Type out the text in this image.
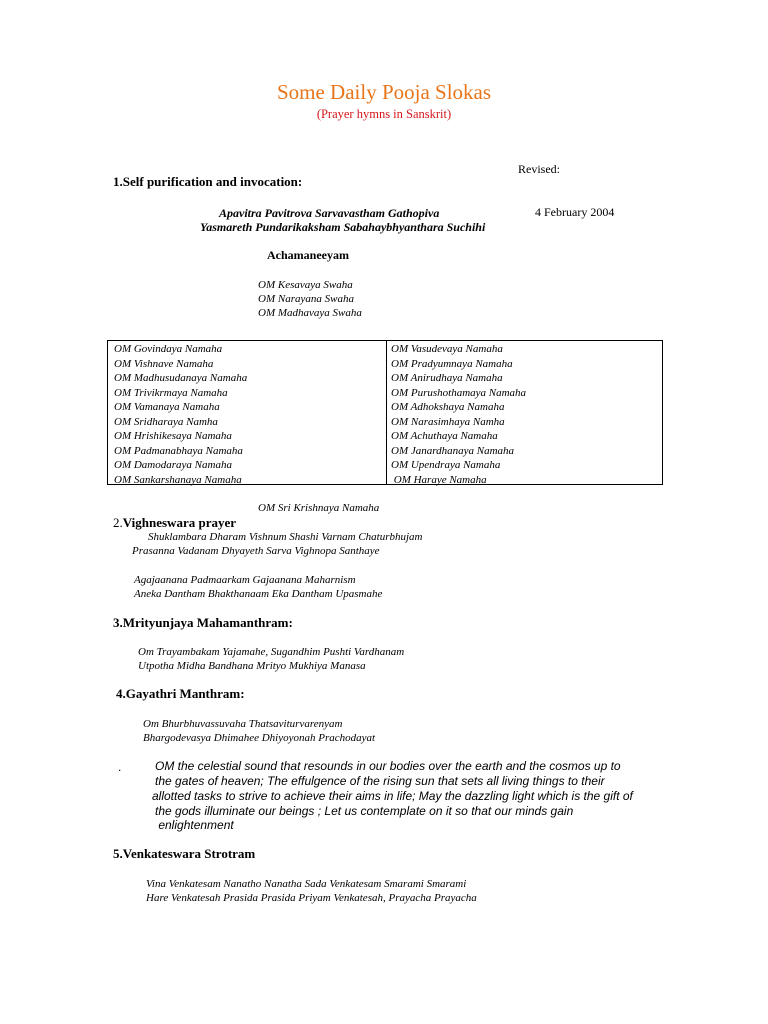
Some Daily Pooja Slokas
(Prayer hymns in Sanskrit)
1.Self purification and invocation:
Revised:
4 February 2004
Apavitra Pavitrova Sarvavastham Gathopiva
Yasmareth Pundarikaksham Sabahaybhyanthara Suchihi
Achamaneeyam
OM Kesavaya Swaha
OM Narayana Swaha
OM Madhavaya Swaha
OM Govindaya Namaha
OM Vishnave Namaha
OM Madhusudanaya Namaha
OM Trivikrmaya Namaha
OM Vamanaya Namaha
OM Sridharaya Namha
OM Hrishikesaya Namaha
OM Padmanabhaya Namaha
OM Damodaraya Namaha
OM Sankarshanaya Namaha
OM Vasudevaya Namaha
OM Pradyumnaya Namaha
OM Anirudhaya Namaha
OM Purushothamaya Namaha
OM Adhokshaya Namaha
OM Narasimhaya Namha
OM Achuthaya Namaha
OM Janardhanaya Namaha
OM Upendraya Namaha
OM Haraye Namaha
OM Sri Krishnaya Namaha
2.Vighneswara prayer
Shuklambara Dharam Vishnum Shashi Varnam Chaturbhujam
Prasanna Vadanam Dhyayeth Sarva Vighnopa Santhaye
Agajaanana Padmaarkam Gajaanana Maharnism
Aneka Dantham Bhakthanaam Eka Dantham Upasmahe
3.Mrityunjaya Mahamanthram:
Om Trayambakam Yajamahe, Sugandhim Pushti Vardhanam
Utpotha Midha Bandhana Mrityo Mukhiya Manasa
4.Gayathri Manthram:
Om Bhurbhuvassuvaha Thatsaviturvarenyam
Bhargodevasya Dhimahee Dhiyoyonah Prachodayat
.	OM the celestial sound that resounds in our bodies over the earth and the cosmos up to
the gates of heaven; The effulgence of the rising sun that sets all living things to their
allotted tasks to strive to achieve their aims in life; May the dazzling light which is the gift of
the gods illuminate our beings ; Let us contemplate on it so that our minds gain
enlightenment
5.Venkateswara Strotram
Vina Venkatesam Nanatho Nanatha Sada Venkatesam Smarami Smarami
Hare Venkatesah Prasida Prasida Priyam Venkatesah, Prayacha Prayacha
